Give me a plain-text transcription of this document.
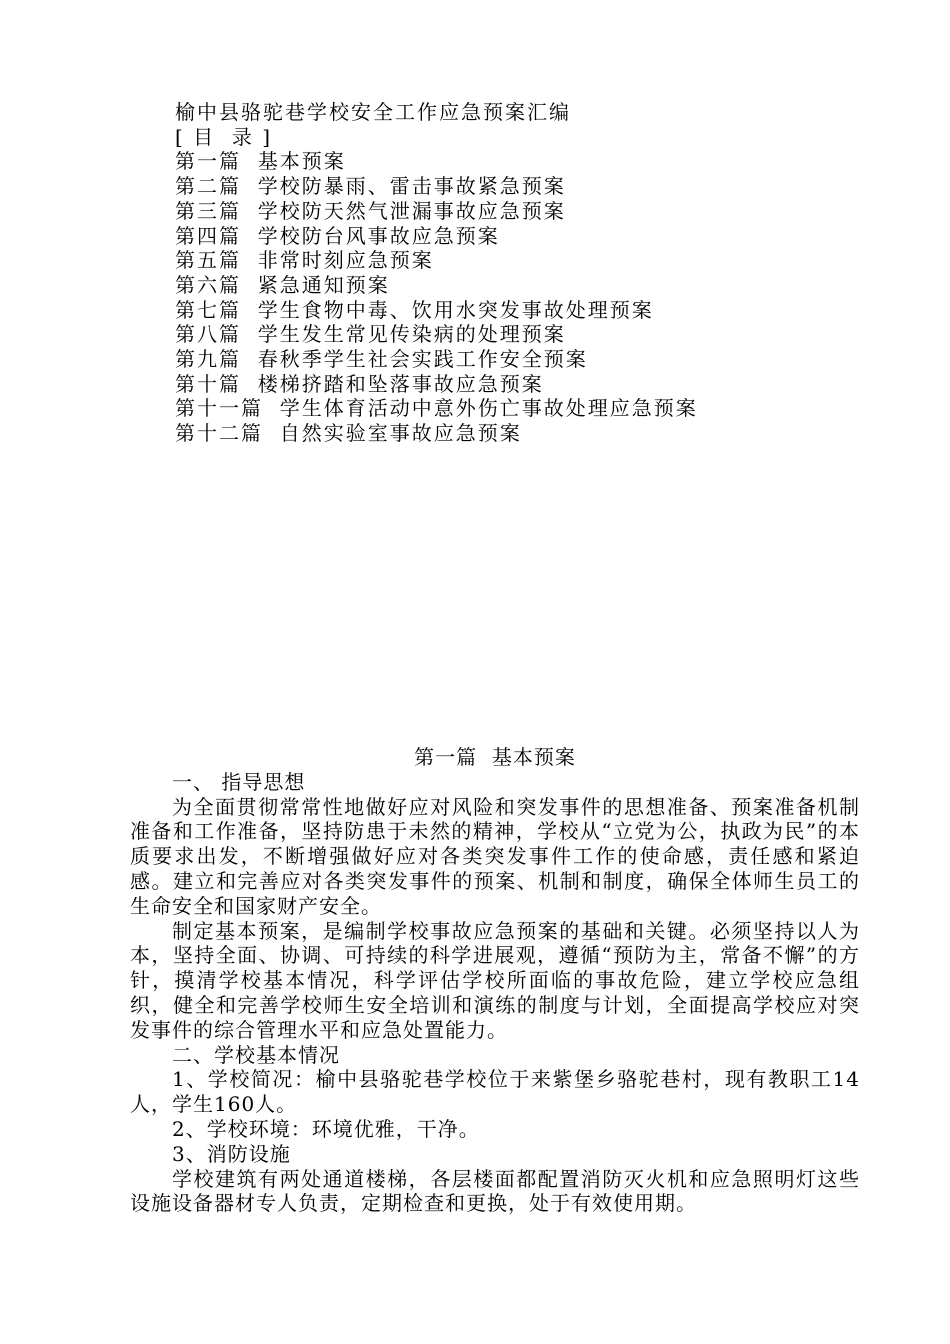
榆中县骆驼巷学校安全工作应急预案汇编
[ 目  录 ]
第一篇  基本预案
第二篇  学校防暴雨、雷击事故紧急预案
第三篇  学校防天然气泄漏事故应急预案
第四篇  学校防台风事故应急预案
第五篇  非常时刻应急预案
第六篇  紧急通知预案
第七篇  学生食物中毒、饮用水突发事故处理预案
第八篇  学生发生常见传染病的处理预案
第九篇  春秋季学生社会实践工作安全预案
第十篇  楼梯挤踏和坠落事故应急预案
第十一篇  学生体育活动中意外伤亡事故处理应急预案
第十二篇  自然实验室事故应急预案
第一篇  基本预案

一、 指导思想

为全面贯彻常常性地做好应对风险和突发事件的思想准备、预案准备机制准备和工作准备，坚持防患于未然的精神，学校从“立党为公，执政为民”的本质要求出发，不断增强做好应对各类突发事件工作的使命感，责任感和紧迫感。建立和完善应对各类突发事件的预案、机制和制度，确保全体师生员工的生命安全和国家财产安全。

制定基本预案，是编制学校事故应急预案的基础和关键。必须坚持以人为本，坚持全面、协调、可持续的科学进展观，遵循“预防为主，常备不懈”的方针，摸清学校基本情况，科学评估学校所面临的事故危险，建立学校应急组织，健全和完善学校师生安全培训和演练的制度与计划，全面提高学校应对突发事件的综合管理水平和应急处置能力。

二、学校基本情况

1、学校简况：榆中县骆驼巷学校位于来紫堡乡骆驼巷村，现有教职工14人，学生160人。

2、学校环境：环境优雅，干净。

3、消防设施

学校建筑有两处通道楼梯，各层楼面都配置消防灭火机和应急照明灯这些设施设备器材专人负责，定期检查和更换，处于有效使用期。
